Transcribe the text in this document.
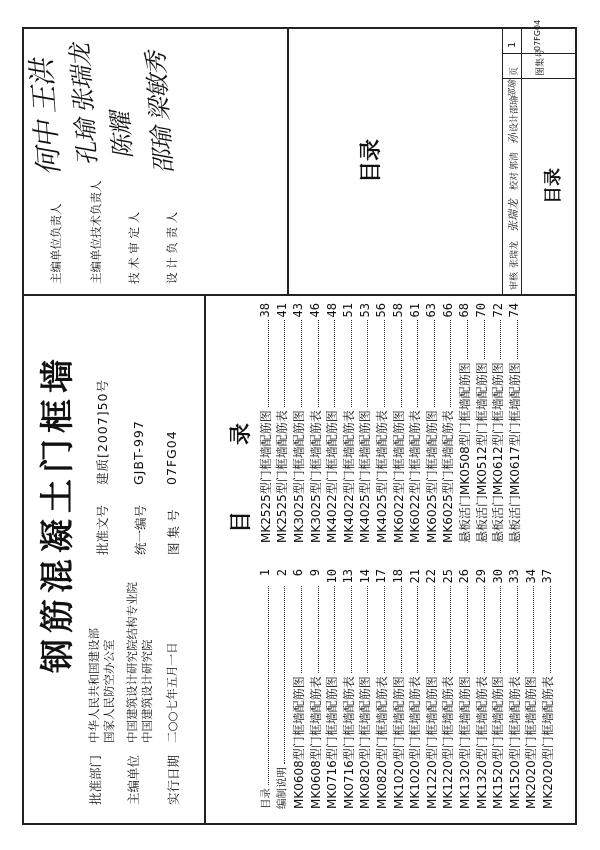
钢筋混凝土门框墙
批准部门
中华人民共和国建设部 国家人民防空办公室
批准文号
建质[2007]50号
主编单位
中国建筑设计研究院结构专业院 中国建筑设计研究院
统一编号
GJBT-997
实行日期
二○○七年五月一日
图 集 号
07FG04
目
录
目录
1
编制说明
2
MK0608型门框墙配筋图
6
MK0608型门框墙配筋表
9
MK0716型门框墙配筋图
10
MK0716型门框墙配筋表
13
MK0820型门框墙配筋图
14
MK0820型门框墙配筋表
17
MK1020型门框墙配筋图
18
MK1020型门框墙配筋表
21
MK1220型门框墙配筋图
22
MK1220型门框墙配筋表
25
MK1320型门框墙配筋图
26
MK1320型门框墙配筋表
29
MK1520型门框墙配筋图
30
MK1520型门框墙配筋表
33
MK2020型门框墙配筋图
34
MK2020型门框墙配筋表
37
MK2525型门框墙配筋图
38
MK2525型门框墙配筋表
41
MK3025型门框墙配筋图
43
MK3025型门框墙配筋表
46
MK4022型门框墙配筋图
48
MK4022型门框墙配筋表
51
MK4025型门框墙配筋图
53
MK4025型门框墙配筋表
56
MK6022型门框墙配筋图
58
MK6022型门框墙配筋表
61
MK6025型门框墙配筋图
63
MK6025型门框墙配筋表
66
悬板活门MK0508型门框墙配筋图
68
悬板活门MK0512型门框墙配筋图
70
悬板活门MK0612型门框墙配筋图
72
悬板活门MK0617型门框墙配筋图
74
主编单位负责人
何中 王洪
主编单位技术负责人
孔瑜 张瑞龙
技 术 审 定 人
陈耀
设 计 负 责 人
邵瑜 梁敏秀	目录
审核
张瑞龙
张瑞龙
校对
郭清
孙
设计
邵瑜
邵瑜
目录
页
1
图集号
07FG04
